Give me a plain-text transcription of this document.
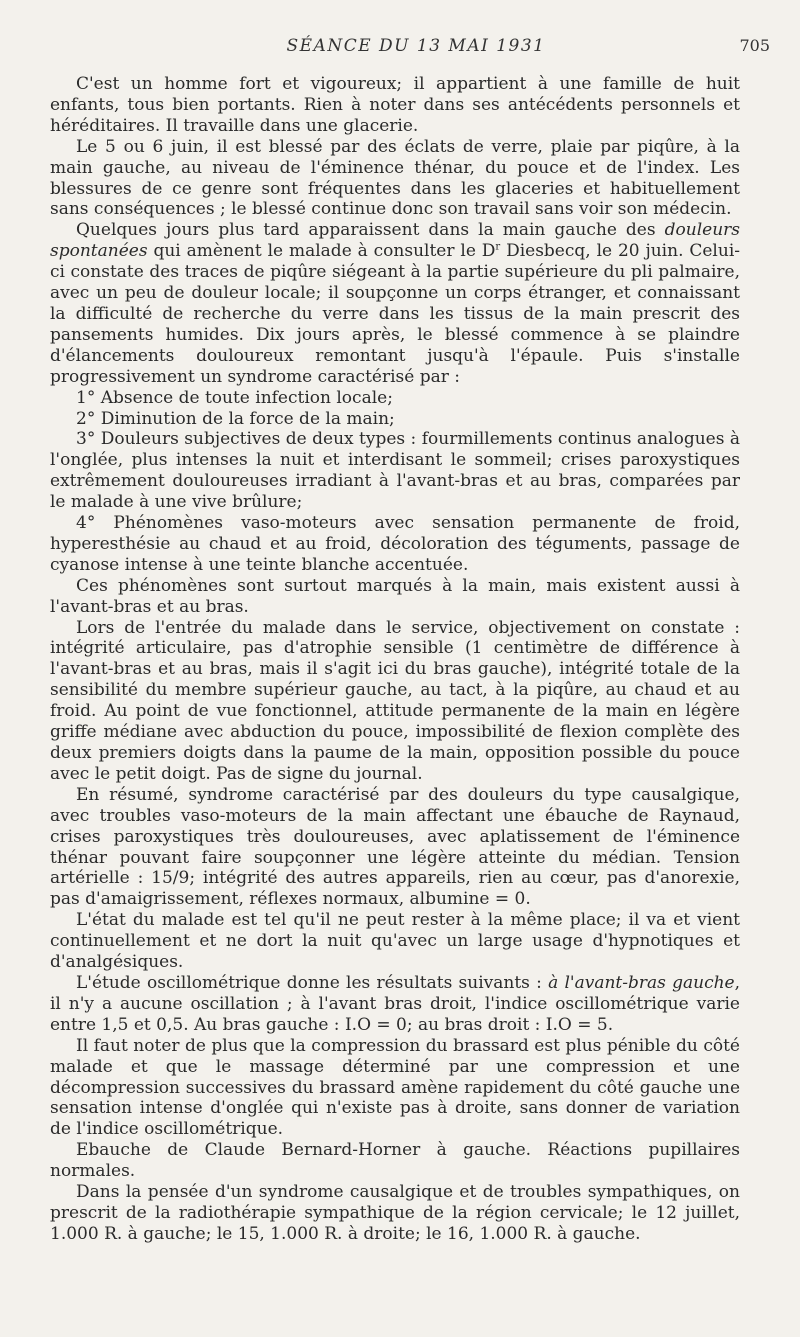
SÉANCE DU 13 MAI 1931	705

C'est un homme fort et vigoureux; il appartient à une famille de huit enfants, tous bien portants. Rien à noter dans ses antécédents personnels et héréditaires. Il travaille dans une glacerie.

Le 5 ou 6 juin, il est blessé par des éclats de verre, plaie par piqûre, à la main gauche, au niveau de l'éminence thénar, du pouce et de l'index. Les blessures de ce genre sont fréquentes dans les glaceries et habituellement sans conséquences ; le blessé continue donc son travail sans voir son médecin.

Quelques jours plus tard apparaissent dans la main gauche des douleurs spontanées qui amènent le malade à consulter le $D^r$ Diesbecq, le 20 juin. Celui-ci constate des traces de piqûre siégeant à la partie supérieure du pli palmaire, avec un peu de douleur locale; il soupçonne un corps étranger, et connaissant la difficulté de recherche du verre dans les tissus de la main prescrit des pansements humides. Dix jours après, le blessé commence à se plaindre d'élancements douloureux remontant jusqu'à l'épaule. Puis s'installe progressivement un syndrome caractérisé par :

1° Absence de toute infection locale;

2° Diminution de la force de la main;

3° Douleurs subjectives de deux types : fourmillements continus analogues à l'onglée, plus intenses la nuit et interdisant le sommeil; crises paroxystiques extrêmement douloureuses irradiant à l'avant-bras et au bras, comparées par le malade à une vive brûlure;

4° Phénomènes vaso-moteurs avec sensation permanente de froid, hyperesthésie au chaud et au froid, décoloration des téguments, passage de cyanose intense à une teinte blanche accentuée.

Ces phénomènes sont surtout marqués à la main, mais existent aussi à l'avant-bras et au bras.

Lors de l'entrée du malade dans le service, objectivement on constate : intégrité articulaire, pas d'atrophie sensible (1 centimètre de différence à l'avant-bras et au bras, mais il s'agit ici du bras gauche), intégrité totale de la sensibilité du membre supérieur gauche, au tact, à la piqûre, au chaud et au froid. Au point de vue fonctionnel, attitude permanente de la main en légère griffe médiane avec abduction du pouce, impossibilité de flexion complète des deux premiers doigts dans la paume de la main, opposition possible du pouce avec le petit doigt. Pas de signe du journal.

En résumé, syndrome caractérisé par des douleurs du type causalgique, avec troubles vaso-moteurs de la main affectant une ébauche de Raynaud, crises paroxystiques très douloureuses, avec aplatissement de l'éminence thénar pouvant faire soupçonner une légère atteinte du médian. Tension artérielle : 15/9; intégrité des autres appareils, rien au cœur, pas d'anorexie, pas d'amaigrissement, réflexes normaux, albumine = 0.

L'état du malade est tel qu'il ne peut rester à la même place; il va et vient continuellement et ne dort la nuit qu'avec un large usage d'hypnotiques et d'analgésiques.

L'étude oscillométrique donne les résultats suivants : à l'avant-bras gauche, il n'y a aucune oscillation ; à l'avant bras droit, l'indice oscillométrique varie entre 1,5 et 0,5. Au bras gauche : I.O = 0; au bras droit : I.O = 5.

Il faut noter de plus que la compression du brassard est plus pénible du côté malade et que le massage déterminé par une compression et une décompression successives du brassard amène rapidement du côté gauche une sensation intense d'onglée qui n'existe pas à droite, sans donner de variation de l'indice oscillométrique.

Ebauche de Claude Bernard-Horner à gauche. Réactions pupillaires normales.

Dans la pensée d'un syndrome causalgique et de troubles sympathiques, on prescrit de la radiothérapie sympathique de la région cervicale; le 12 juillet, 1.000 R. à gauche; le 15, 1.000 R. à droite; le 16, 1.000 R. à gauche.
